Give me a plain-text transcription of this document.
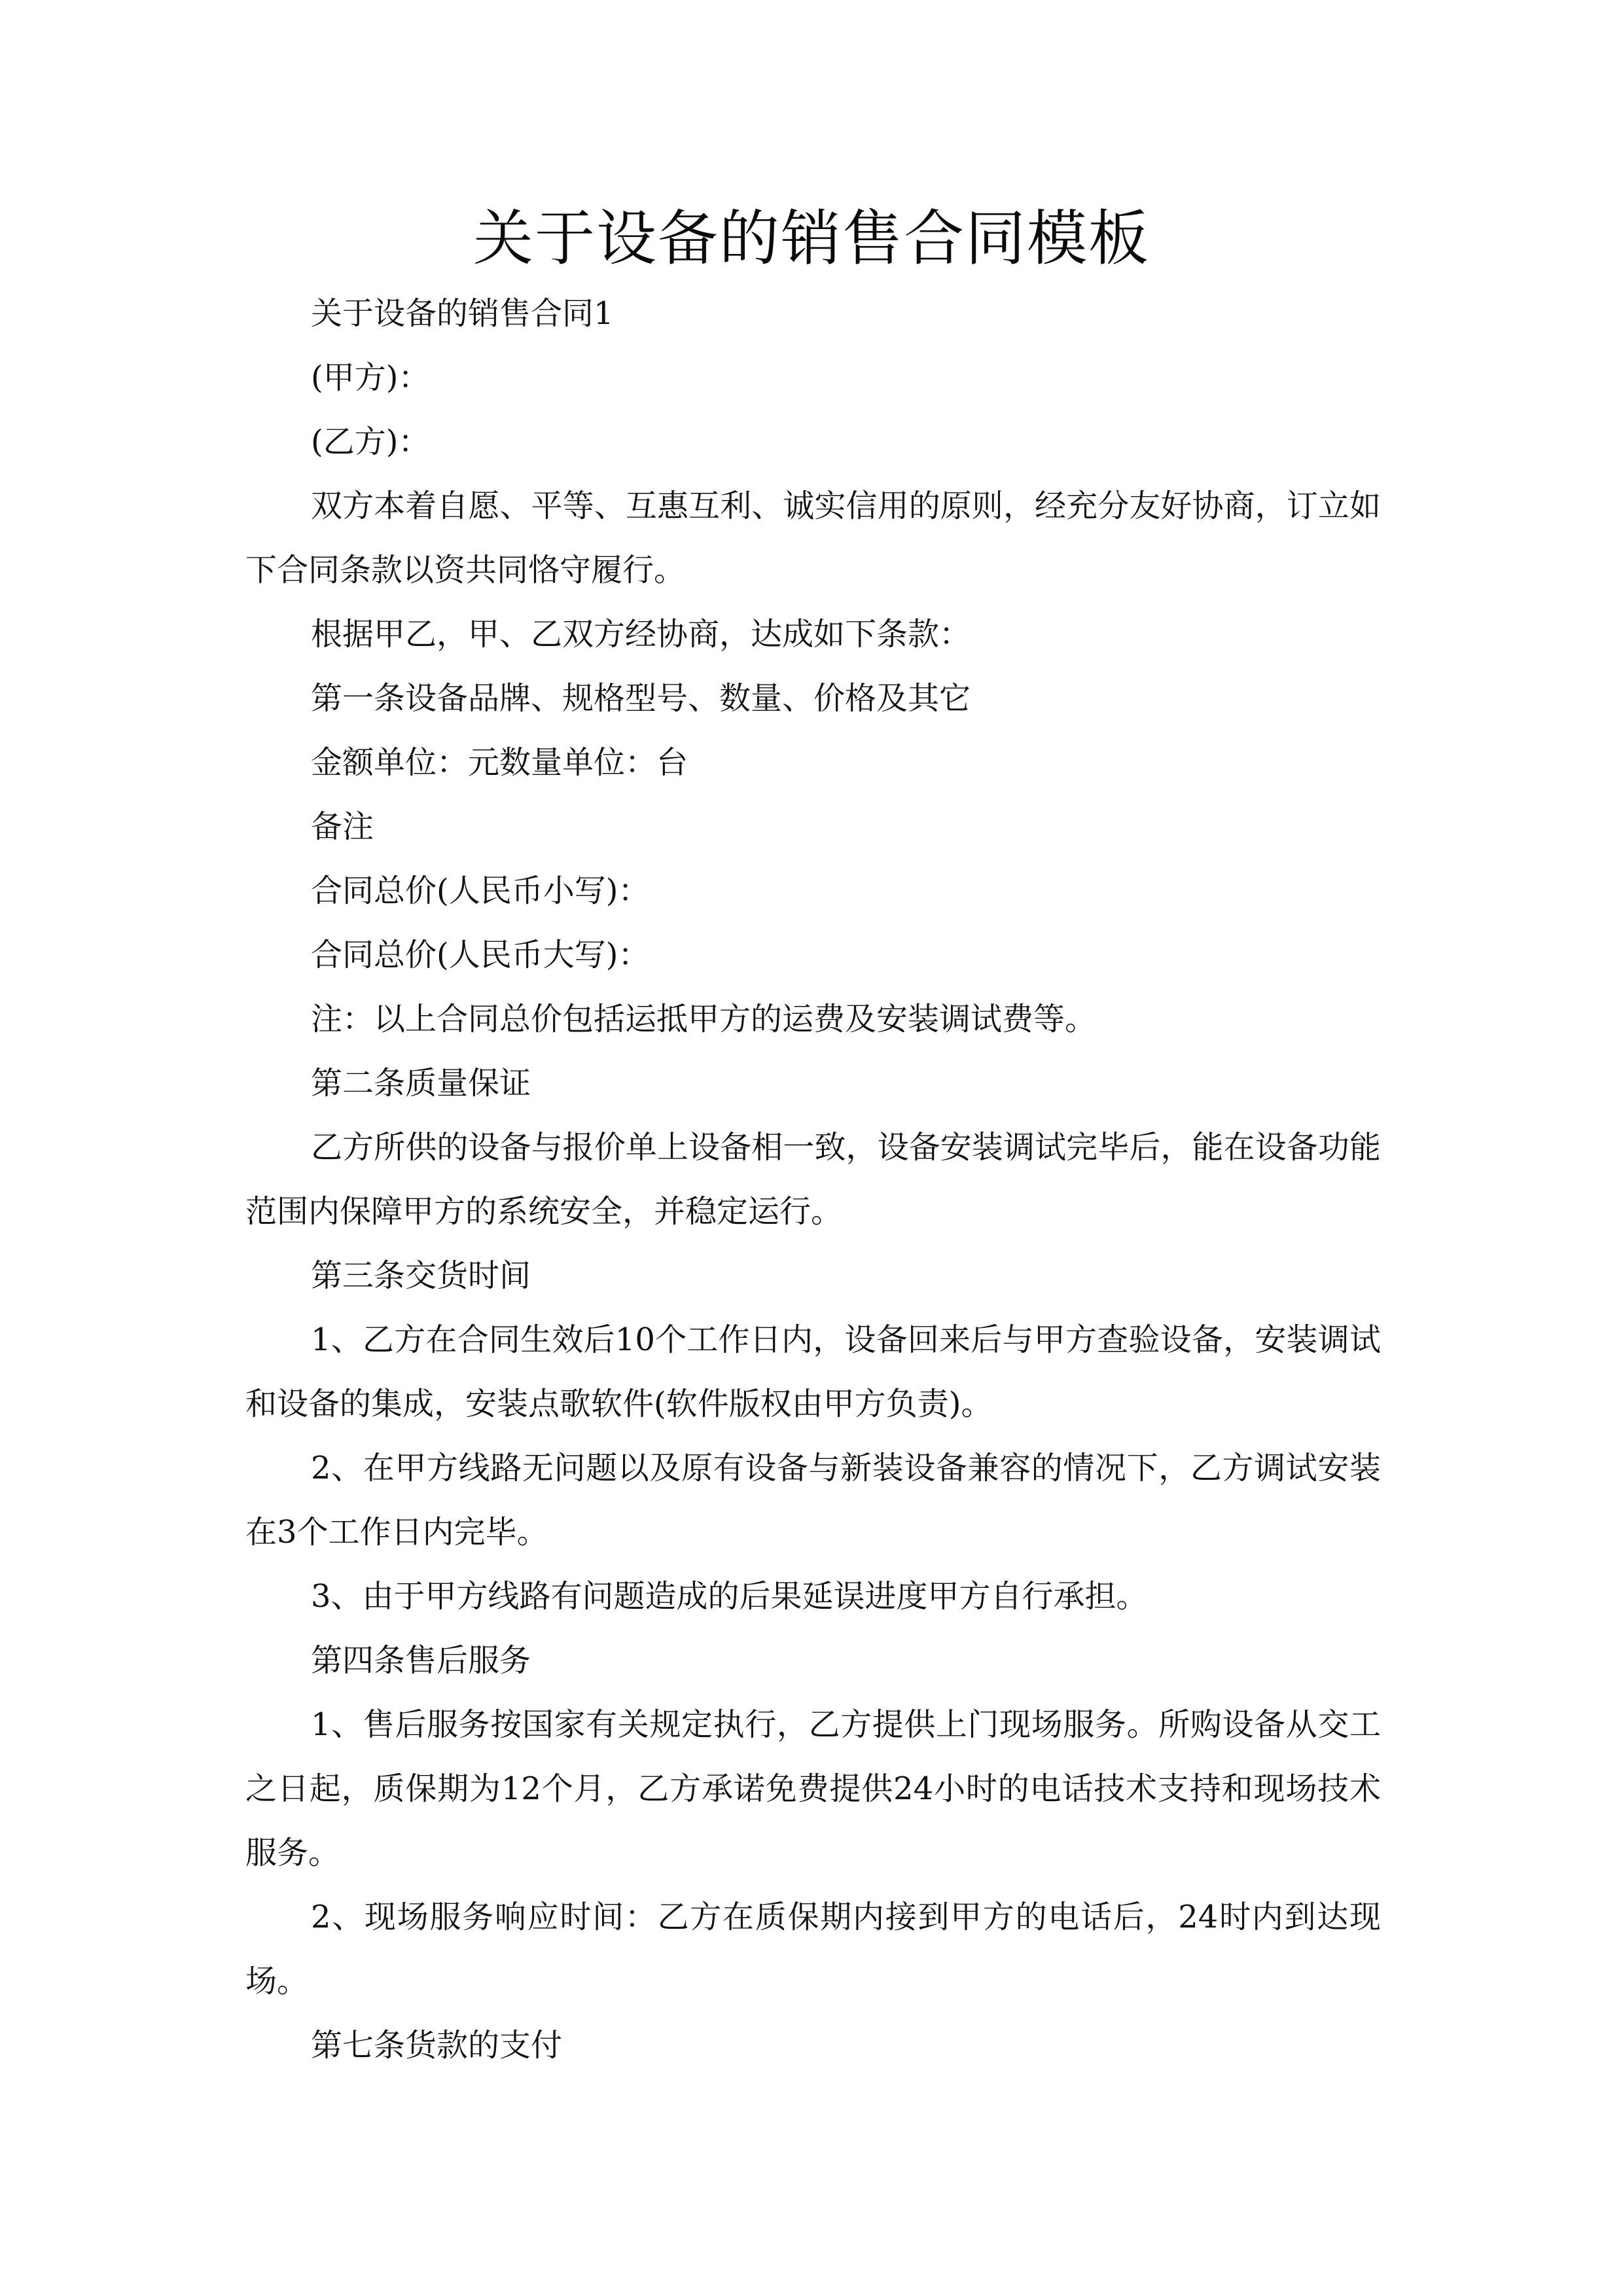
关于设备的销售合同模板

关于设备的销售合同1

(甲方)：

(乙方)：

双方本着自愿、平等、互惠互利、诚实信用的原则，经充分友好协商，订立如下合同条款以资共同恪守履行。

根据甲乙，甲、乙双方经协商，达成如下条款：

第一条设备品牌、规格型号、数量、价格及其它

金额单位：元数量单位：台

备注

合同总价(人民币小写)：

合同总价(人民币大写)：

注：以上合同总价包括运抵甲方的运费及安装调试费等。

第二条质量保证

乙方所供的设备与报价单上设备相一致，设备安装调试完毕后，能在设备功能范围内保障甲方的系统安全，并稳定运行。

第三条交货时间

1、乙方在合同生效后10个工作日内，设备回来后与甲方查验设备，安装调试和设备的集成，安装点歌软件(软件版权由甲方负责)。

2、在甲方线路无问题以及原有设备与新装设备兼容的情况下，乙方调试安装在3个工作日内完毕。

3、由于甲方线路有问题造成的后果延误进度甲方自行承担。

第四条售后服务

1、售后服务按国家有关规定执行，乙方提供上门现场服务。所购设备从交工之日起，质保期为12个月，乙方承诺免费提供24小时的电话技术支持和现场技术服务。

2、现场服务响应时间：乙方在质保期内接到甲方的电话后，24时内到达现场。

第七条货款的支付
